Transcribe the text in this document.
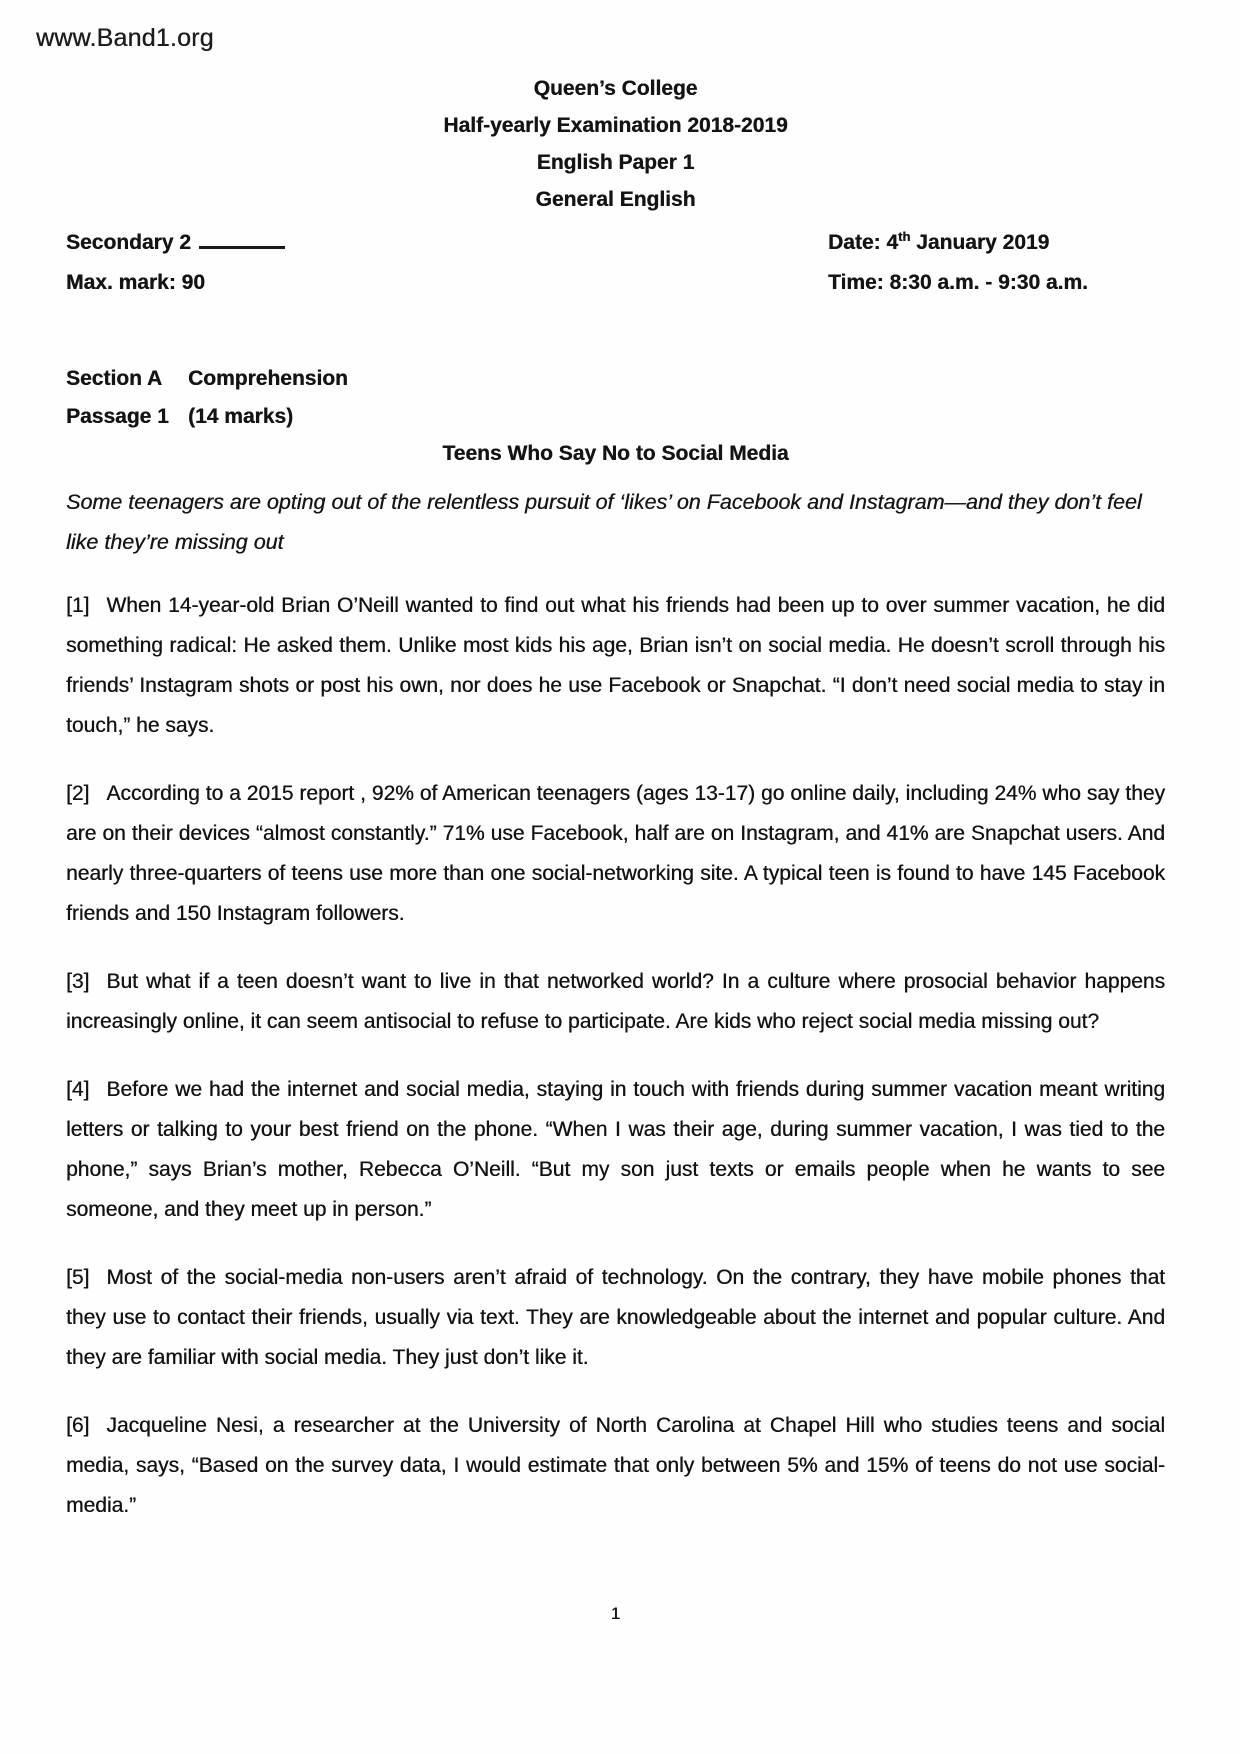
www.Band1.org
Queen’s College
Half-yearly Examination 2018-2019
English Paper 1
General English
Secondary 2
Max. mark: 90
Date: 4th January 2019
Time: 8:30 a.m. - 9:30 a.m.
Section A	Comprehension
Passage 1 (14 marks)
Teens Who Say No to Social Media

Some teenagers are opting out of the relentless pursuit of ‘likes’ on Facebook and Instagram—and they don’t feel like they’re missing out

[1] When 14-year-old Brian O’Neill wanted to find out what his friends had been up to over summer vacation, he did something radical: He asked them. Unlike most kids his age, Brian isn’t on social media. He doesn’t scroll through his friends’ Instagram shots or post his own, nor does he use Facebook or Snapchat. “I don’t need social media to stay in touch,” he says.

[2] According to a 2015 report , 92% of American teenagers (ages 13-17) go online daily, including 24% who say they are on their devices “almost constantly.” 71% use Facebook, half are on Instagram, and 41% are Snapchat users. And nearly three-quarters of teens use more than one social-networking site. A typical teen is found to have 145 Facebook friends and 150 Instagram followers.

[3] But what if a teen doesn’t want to live in that networked world? In a culture where prosocial behavior happens increasingly online, it can seem antisocial to refuse to participate. Are kids who reject social media missing out?

[4] Before we had the internet and social media, staying in touch with friends during summer vacation meant writing letters or talking to your best friend on the phone. “When I was their age, during summer vacation, I was tied to the phone,” says Brian’s mother, Rebecca O’Neill. “But my son just texts or emails people when he wants to see someone, and they meet up in person.”

[5] Most of the social-media non-users aren’t afraid of technology. On the contrary, they have mobile phones that they use to contact their friends, usually via text. They are knowledgeable about the internet and popular culture. And they are familiar with social media. They just don’t like it.

[6] Jacqueline Nesi, a researcher at the University of North Carolina at Chapel Hill who studies teens and social media, says, “Based on the survey data, I would estimate that only between 5% and 15% of teens do not use social-media.”

1
